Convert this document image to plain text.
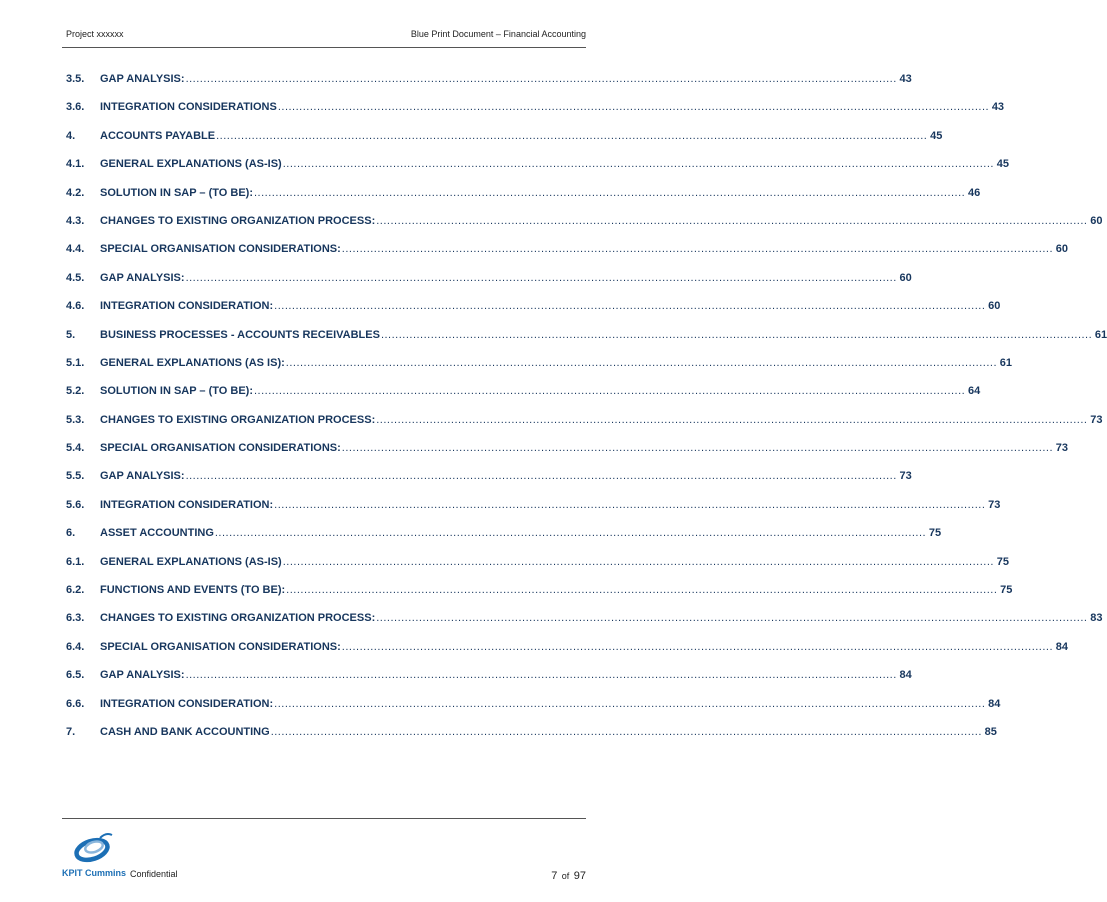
Project xxxxxx	Blue Print Document – Financial Accounting
3.5.	GAP ANALYSIS: ........................................................................................................................................................................................................ 43
3.6.	INTEGRATION CONSIDERATIONS ........................................................................................................................................................................................................ 43
4.	ACCOUNTS PAYABLE ........................................................................................................................................................................................................ 45
4.1.	GENERAL EXPLANATIONS (AS-IS) ........................................................................................................................................................................................................ 45
4.2.	SOLUTION IN SAP – (TO BE): ........................................................................................................................................................................................................ 46
4.3.	CHANGES TO EXISTING ORGANIZATION PROCESS: ........................................................................................................................................................................................................ 60
4.4.	SPECIAL ORGANISATION CONSIDERATIONS: ........................................................................................................................................................................................................ 60
4.5.	GAP ANALYSIS: ........................................................................................................................................................................................................ 60
4.6.	INTEGRATION CONSIDERATION: ........................................................................................................................................................................................................ 60
5.	BUSINESS PROCESSES - ACCOUNTS RECEIVABLES ........................................................................................................................................................................................................ 61
5.1.	GENERAL EXPLANATIONS (AS IS): ........................................................................................................................................................................................................ 61
5.2.	SOLUTION IN SAP – (TO BE): ........................................................................................................................................................................................................ 64
5.3.	CHANGES TO EXISTING ORGANIZATION PROCESS: ........................................................................................................................................................................................................ 73
5.4.	SPECIAL ORGANISATION CONSIDERATIONS: ........................................................................................................................................................................................................ 73
5.5.	GAP ANALYSIS: ........................................................................................................................................................................................................ 73
5.6.	INTEGRATION CONSIDERATION: ........................................................................................................................................................................................................ 73
6.	ASSET ACCOUNTING ........................................................................................................................................................................................................ 75
6.1.	GENERAL EXPLANATIONS (AS-IS) ........................................................................................................................................................................................................ 75
6.2.	FUNCTIONS AND EVENTS (TO BE): ........................................................................................................................................................................................................ 75
6.3.	CHANGES TO EXISTING ORGANIZATION PROCESS: ........................................................................................................................................................................................................ 83
6.4.	SPECIAL ORGANISATION CONSIDERATIONS: ........................................................................................................................................................................................................ 84
6.5.	GAP ANALYSIS: ........................................................................................................................................................................................................ 84
6.6.	INTEGRATION CONSIDERATION: ........................................................................................................................................................................................................ 84
7.	CASH AND BANK ACCOUNTING ........................................................................................................................................................................................................ 85
KPIT Cummins Confidential	7 of 97
